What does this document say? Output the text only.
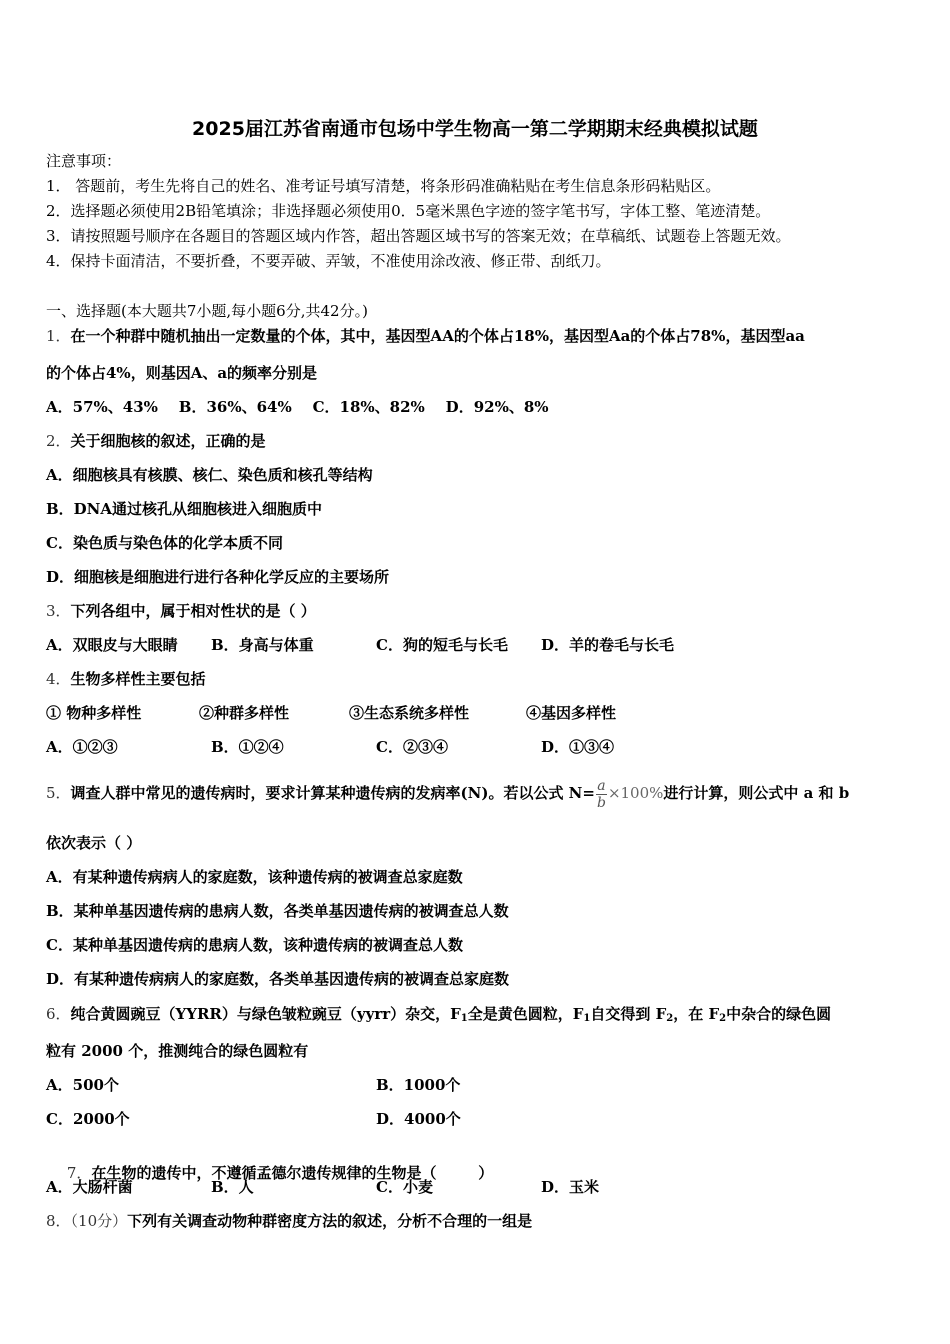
2025届江苏省南通市包场中学生物高一第二学期期末经典模拟试题
注意事项：
1． 答题前，考生先将自己的姓名、准考证号填写清楚，将条形码准确粘贴在考生信息条形码粘贴区。
2．选择题必须使用2B铅笔填涂；非选择题必须使用0．5毫米黑色字迹的签字笔书写，字体工整、笔迹清楚。
3．请按照题号顺序在各题目的答题区域内作答，超出答题区域书写的答案无效；在草稿纸、试题卷上答题无效。
4．保持卡面清洁，不要折叠，不要弄破、弄皱，不准使用涂改液、修正带、刮纸刀。
一、选择题(本大题共7小题,每小题6分,共42分。)
1．在一个种群中随机抽出一定数量的个体，其中，基因型AA的个体占18%，基因型Aa的个体占78%，基因型aa
的个体占4%，则基因A、a的频率分别是
A．57%、43%    B．36%、64%    C．18%、82%    D．92%、8%
2．关于细胞核的叙述，正确的是
A．细胞核具有核膜、核仁、染色质和核孔等结构
B．DNA通过核孔从细胞核进入细胞质中
C．染色质与染色体的化学本质不同
D．细胞核是细胞进行进行各种化学反应的主要场所
3．下列各组中，属于相对性状的是（ ）
A．双眼皮与大眼睛 B．身高与体重	C．狗的短毛与长毛 D．羊的卷毛与长毛
4．生物多样性主要包括
① 物种多样性	②种群多样性	③生态系统多样性	④基因多样性
A．①②③	B．①②④	C．②③④	D．①③④
5．调查人群中常见的遗传病时，要求计算某种遗传病的发病率(N)。若以公式 $N= \frac{a}{b} \times 100\%$进行计算，则公式中 a 和 b
依次表示（ ）
A．有某种遗传病病人的家庭数，该种遗传病的被调查总家庭数
B．某种单基因遗传病的患病人数，各类单基因遗传病的被调查总人数
C．某种单基因遗传病的患病人数，该种遗传病的被调查总人数
D．有某种遗传病病人的家庭数，各类单基因遗传病的被调查总家庭数
6．纯合黄圆豌豆（YYRR）与绿色皱粒豌豆（yyrr）杂交，$F_1$全是黄色圆粒，$F_1$自交得到 $F_2$，在 $F_2$中杂合的绿色圆
粒有 2000 个，推测纯合的绿色圆粒有
A．500个	B．1000个
C．2000个	D．4000个

7．在生物的遗传中，不遵循孟德尔遗传规律的生物是（        ）

A．大肠杆菌	B．人	C．小麦	D．玉米
8．（10分）下列有关调查动物种群密度方法的叙述，分析不合理的一组是
